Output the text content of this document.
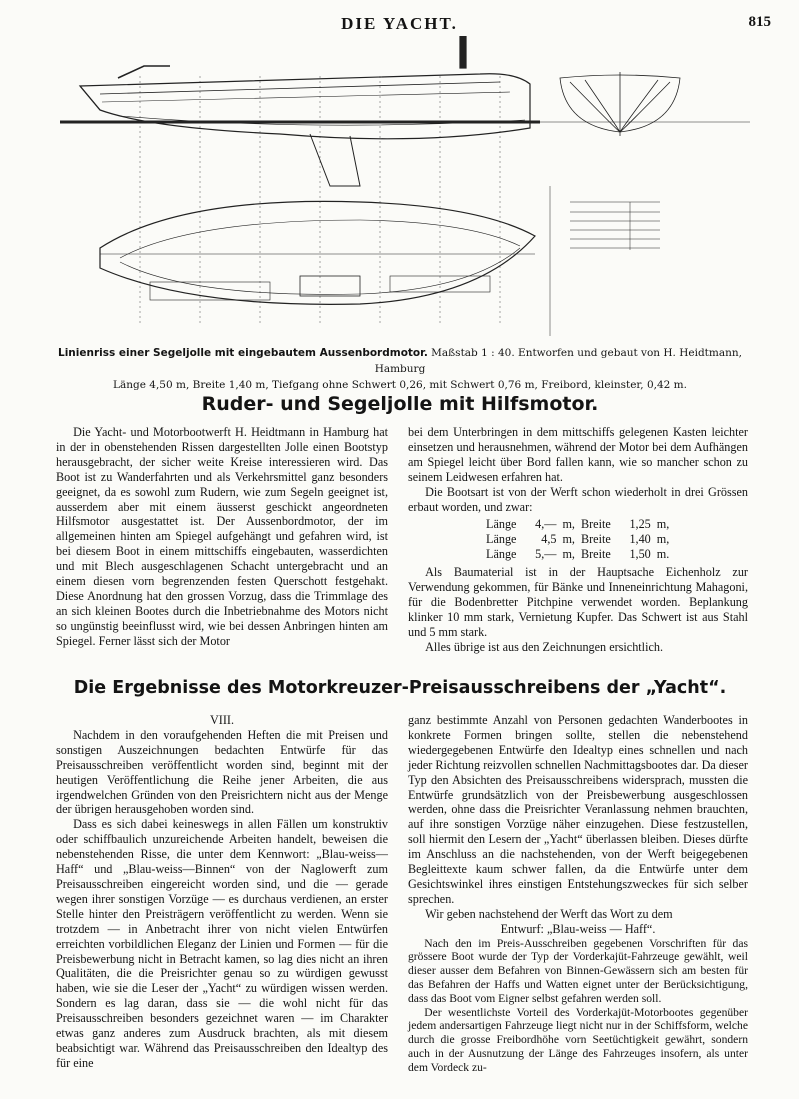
DIE YACHT.	815
Linienriss einer Segeljolle mit eingebautem Aussenbordmotor. Maßstab 1 : 40. Entworfen und gebaut von H. Heidtmann, Hamburg
Länge 4,50 m, Breite 1,40 m, Tiefgang ohne Schwert 0,26, mit Schwert 0,76 m, Freibord, kleinster, 0,42 m.
Ruder- und Segeljolle mit Hilfsmotor.

Die Yacht- und Motorbootwerft H. Heidtmann in Hamburg hat in der in obenstehenden Rissen dargestellten Jolle einen Bootstyp herausgebracht, der sicher weite Kreise interessieren wird. Das Boot ist zu Wanderfahrten und als Verkehrsmittel ganz besonders geeignet, da es sowohl zum Rudern, wie zum Segeln geeignet ist, ausserdem aber mit einem äusserst geschickt angeordneten Hilfsmotor ausgestattet ist. Der Aussenbordmotor, der im allgemeinen hinten am Spiegel aufgehängt und gefahren wird, ist bei diesem Boot in einem mittschiffs eingebauten, wasserdichten und mit Blech ausgeschlagenen Schacht untergebracht und an einem diesen vorn begrenzenden festen Querschott festgehakt. Diese Anordnung hat den grossen Vorzug, dass die Trimmlage des an sich kleinen Bootes durch die Inbetriebnahme des Motors nicht so ungünstig beeinflusst wird, wie bei dessen Anbringen hinten am Spiegel. Ferner lässt sich der Motor

bei dem Unterbringen in dem mittschiffs gelegenen Kasten leichter einsetzen und herausnehmen, während der Motor bei dem Aufhängen am Spiegel leicht über Bord fallen kann, wie so mancher schon zu seinem Leidwesen erfahren hat.

Die Bootsart ist von der Werft schon wiederholt in drei Grössen erbaut worden, und zwar:

Länge	4,—	m,	Breite	1,25	m,
Länge	4,5	m,	Breite	1,40	m,
Länge	5,—	m,	Breite	1,50	m.

Als Baumaterial ist in der Hauptsache Eichenholz zur Verwendung gekommen, für Bänke und Inneneinrichtung Mahagoni, für die Bodenbretter Pitchpine verwendet worden. Beplankung klinker 10 mm stark, Vernietung Kupfer. Das Schwert ist aus Stahl und 5 mm stark.

Alles übrige ist aus den Zeichnungen ersichtlich.

Die Ergebnisse des Motorkreuzer-Preisausschreibens der „Yacht“.

VIII.

Nachdem in den voraufgehenden Heften die mit Preisen und sonstigen Auszeichnungen bedachten Entwürfe für das Preisausschreiben veröffentlicht worden sind, beginnt mit der heutigen Veröffentlichung die Reihe jener Arbeiten, die aus irgendwelchen Gründen von den Preisrichtern nicht aus der Menge der übrigen herausgehoben worden sind.

Dass es sich dabei keineswegs in allen Fällen um konstruktiv oder schiffbaulich unzureichende Arbeiten handelt, beweisen die nebenstehenden Risse, die unter dem Kennwort: „Blau-weiss—Haff“ und „Blau-weiss—Binnen“ von der Naglowerft zum Preisausschreiben eingereicht worden sind, und die — gerade wegen ihrer sonstigen Vorzüge — es durchaus verdienen, an erster Stelle hinter den Preisträgern veröffentlicht zu werden. Wenn sie trotzdem — in Anbetracht ihrer von nicht vielen Entwürfen erreichten vorbildlichen Eleganz der Linien und Formen — für die Preisbewerbung nicht in Betracht kamen, so lag dies nicht an ihren Qualitäten, die die Preisrichter genau so zu würdigen gewusst haben, wie sie die Leser der „Yacht“ zu würdigen wissen werden. Sondern es lag daran, dass sie — die wohl nicht für das Preisausschreiben besonders gezeichnet waren — im Charakter etwas ganz anderes zum Ausdruck brachten, als mit diesem beabsichtigt war. Während das Preisausschreiben den Idealtyp des für eine

ganz bestimmte Anzahl von Personen gedachten Wanderbootes in konkrete Formen bringen sollte, stellen die nebenstehend wiedergegebenen Entwürfe den Idealtyp eines schnellen und nach jeder Richtung reizvollen schnellen Nachmittagsbootes dar. Da dieser Typ den Absichten des Preisausschreibens widersprach, mussten die Entwürfe grundsätzlich von der Preisbewerbung ausgeschlossen werden, ohne dass die Preisrichter Veranlassung nehmen brauchten, auf ihre sonstigen Vorzüge näher einzugehen. Diese festzustellen, soll hiermit den Lesern der „Yacht“ überlassen bleiben. Dieses dürfte im Anschluss an die nachstehenden, von der Werft beigegebenen Begleittexte kaum schwer fallen, da die Entwürfe unter dem Gesichtswinkel ihres einstigen Entstehungszweckes für sich selber sprechen.

Wir geben nachstehend der Werft das Wort zu dem

Entwurf: „Blau-weiss — Haff“.

Nach den im Preis-Ausschreiben gegebenen Vorschriften für das grössere Boot wurde der Typ der Vorderkajüt-Fahrzeuge gewählt, weil dieser ausser dem Befahren von Binnen-Gewässern sich am besten für das Befahren der Haffs und Watten eignet unter der Berücksichtigung, dass das Boot vom Eigner selbst gefahren werden soll.

Der wesentlichste Vorteil des Vorderkajüt-Motorbootes gegenüber jedem andersartigen Fahrzeuge liegt nicht nur in der Schiffsform, welche durch die grosse Freibordhöhe vorn Seetüchtigkeit gewährt, sondern auch in der Ausnutzung der Länge des Fahrzeuges insofern, als unter dem Vordeck zu-
